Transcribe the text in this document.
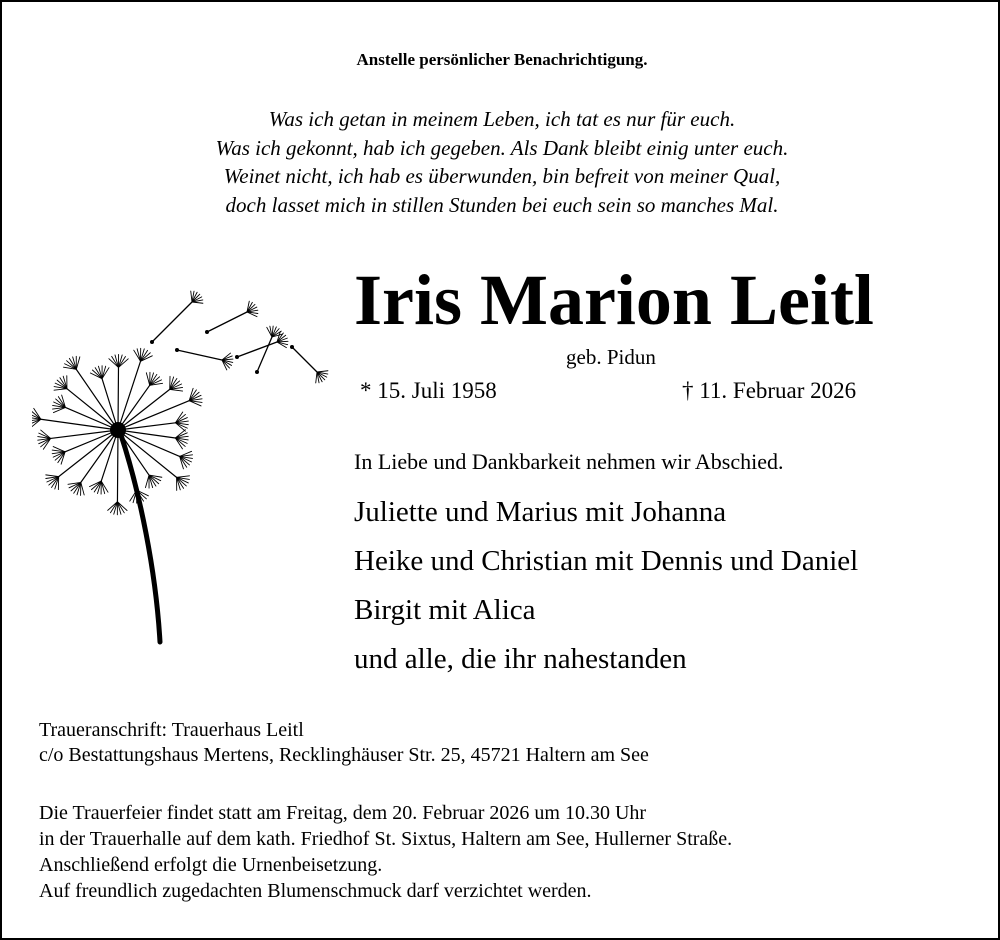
Anstelle persönlicher Benachrichtigung.
Was ich getan in meinem Leben, ich tat es nur für euch.
Was ich gekonnt, hab ich gegeben. Als Dank bleibt einig unter euch.
Weinet nicht, ich hab es überwunden, bin befreit von meiner Qual,
doch lasset mich in stillen Stunden bei euch sein so manches Mal.
Iris Marion Leitl
geb. Pidun
* 15. Juli 1958	† 11. Februar 2026
In Liebe und Dankbarkeit nehmen wir Abschied.
Juliette und Marius mit Johanna
Heike und Christian mit Dennis und Daniel
Birgit mit Alica
und alle, die ihr nahestanden
Traueranschrift: Trauerhaus Leitl
c/o Bestattungshaus Mertens, Recklinghäuser Str. 25, 45721 Haltern am See
Die Trauerfeier findet statt am Freitag, dem 20. Februar 2026 um 10.30 Uhr
in der Trauerhalle auf dem kath. Friedhof St. Sixtus, Haltern am See, Hullerner Straße.
Anschließend erfolgt die Urnenbeisetzung.
Auf freundlich zugedachten Blumenschmuck darf verzichtet werden.
